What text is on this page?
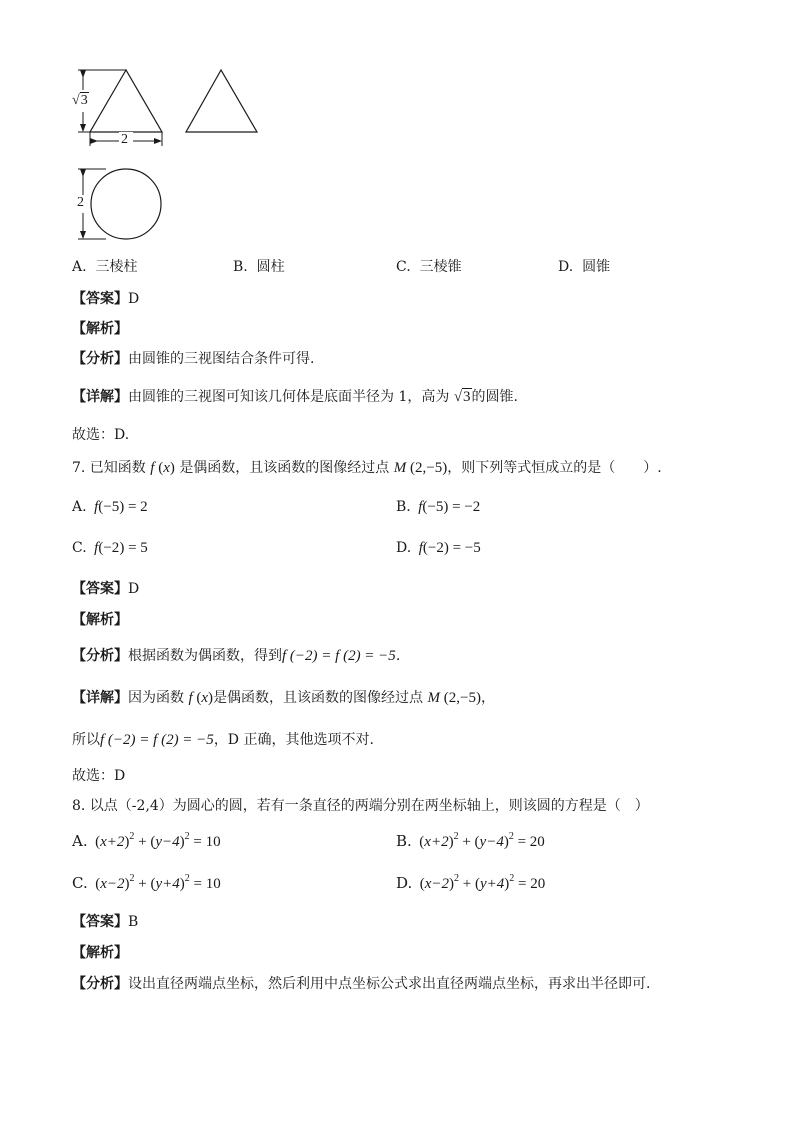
√3
2
2
A. 三棱柱	B. 圆柱	C. 三棱锥	D. 圆锥
【答案】D
【解析】
【分析】由圆锥的三视图结合条件可得.
【详解】由圆锥的三视图可知该几何体是底面半径为 1，高为 √3的圆锥.
故选：D.
7. 已知函数 f (x) 是偶函数，且该函数的图像经过点 M (2,−5)，则下列等式恒成立的是（　　）.
A. f(−5) = 2	B. f(−5) = −2
C. f(−2) = 5	D. f(−2) = −5
【答案】D
【解析】
【分析】根据函数为偶函数，得到f (−2) = f (2) = −5.
【详解】因为函数 f (x)是偶函数，且该函数的图像经过点 M (2,−5)，
所以f (−2) = f (2) = −5，D 正确，其他选项不对.
故选：D
8. 以点（-2,4）为圆心的圆，若有一条直径的两端分别在两坐标轴上，则该圆的方程是（　）
A.  $(x+2)^2 + (y-4)^2 = 10$	B.  $(x+2)^2 + (y-4)^2 = 20$
C.  $(x-2)^2 + (y+4)^2 = 10$	D.  $(x-2)^2 + (y+4)^2 = 20$
【答案】B
【解析】
【分析】设出直径两端点坐标，然后利用中点坐标公式求出直径两端点坐标，再求出半径即可.
